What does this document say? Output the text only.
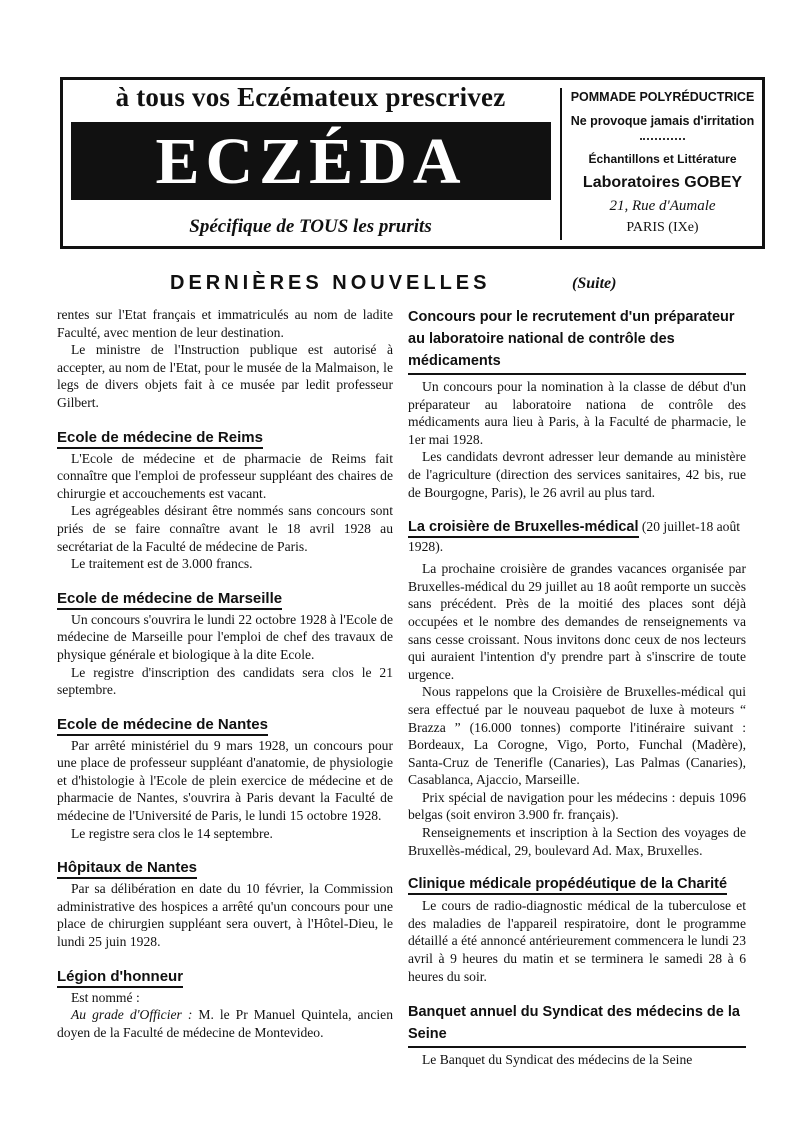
à tous vos Eczémateux prescrivez
ECZÉDA
Spécifique de TOUS les prurits
POMMADE POLYRÉDUCTRICE
Ne provoque jamais d'irritation
Échantillons et Littérature
Laboratoires GOBEY
21, Rue d'Aumale
PARIS (IXe)
DERNIÈRES NOUVELLES	(Suite)

rentes sur l'Etat français et immatriculés au nom de ladite Faculté, avec mention de leur destination.

Le ministre de l'Instruction publique est autorisé à accepter, au nom de l'Etat, pour le musée de la Malmaison, le legs de divers objets fait à ce musée par ledit professeur Gilbert.

Ecole de médecine de Reims

L'Ecole de médecine et de pharmacie de Reims fait connaître que l'emploi de professeur suppléant des chaires de chirurgie et accouchements est vacant.

Les agrégeables désirant être nommés sans concours sont priés de se faire connaître avant le 18 avril 1928 au secrétariat de la Faculté de médecine de Paris.

Le traitement est de 3.000 francs.

Ecole de médecine de Marseille

Un concours s'ouvrira le lundi 22 octobre 1928 à l'Ecole de médecine de Marseille pour l'emploi de chef des travaux de physique générale et biologique à la dite Ecole.

Le registre d'inscription des candidats sera clos le 21 septembre.

Ecole de médecine de Nantes

Par arrêté ministériel du 9 mars 1928, un concours pour une place de professeur suppléant d'anatomie, de physiologie et d'histologie à l'Ecole de plein exercice de médecine et de pharmacie de Nantes, s'ouvrira à Paris devant la Faculté de médecine de l'Université de Paris, le lundi 15 octobre 1928.

Le registre sera clos le 14 septembre.

Hôpitaux de Nantes

Par sa délibération en date du 10 février, la Commission administrative des hospices a arrêté qu'un concours pour une place de chirurgien suppléant sera ouvert, à l'Hôtel-Dieu, le lundi 25 juin 1928.

Légion d'honneur

Est nommé :

Au grade d'Officier : M. le Pr Manuel Quintela, ancien doyen de la Faculté de médecine de Montevideo.

Concours pour le recrutement d'un préparateur au laboratoire national de contrôle des médicaments

Un concours pour la nomination à la classe de début d'un préparateur au laboratoire nationa de contrôle des médicaments aura lieu à Paris, à la Faculté de pharmacie, le 1er mai 1928.

Les candidats devront adresser leur demande au ministère de l'agriculture (direction des services sanitaires, 42 bis, rue de Bourgogne, Paris), le 26 avril au plus tard.

La croisière de Bruxelles-médical (20 juillet-18 août 1928).

La prochaine croisière de grandes vacances organisée par Bruxelles-médical du 29 juillet au 18 août remporte un succès sans précédent. Près de la moitié des places sont déjà occupées et le nombre des demandes de renseignements va sans cesse croissant. Nous invitons donc ceux de nos lecteurs qui auraient l'intention d'y prendre part à s'inscrire de toute urgence.

Nous rappelons que la Croisière de Bruxelles-médical qui sera effectué par le nouveau paquebot de luxe à moteurs “ Brazza ” (16.000 tonnes) comporte l'itinéraire suivant : Bordeaux, La Corogne, Vigo, Porto, Funchal (Madère), Santa-Cruz de Tenerifle (Canaries), Las Palmas (Canaries), Casablanca, Ajaccio, Marseille.

Prix spécial de navigation pour les médecins : depuis 1096 belgas (soit environ 3.900 fr. français).

Renseignements et inscription à la Section des voyages de Bruxellès-médical, 29, boulevard Ad. Max, Bruxelles.

Clinique médicale propédéutique de la Charité

Le cours de radio-diagnostic médical de la tuberculose et des maladies de l'appareil respiratoire, dont le programme détaillé a été annoncé antérieurement commencera le lundi 23 avril à 9 heures du matin et se terminera le samedi 28 à 6 heures du soir.

Banquet annuel du Syndicat des médecins de la Seine

Le Banquet du Syndicat des médecins de la Seine
